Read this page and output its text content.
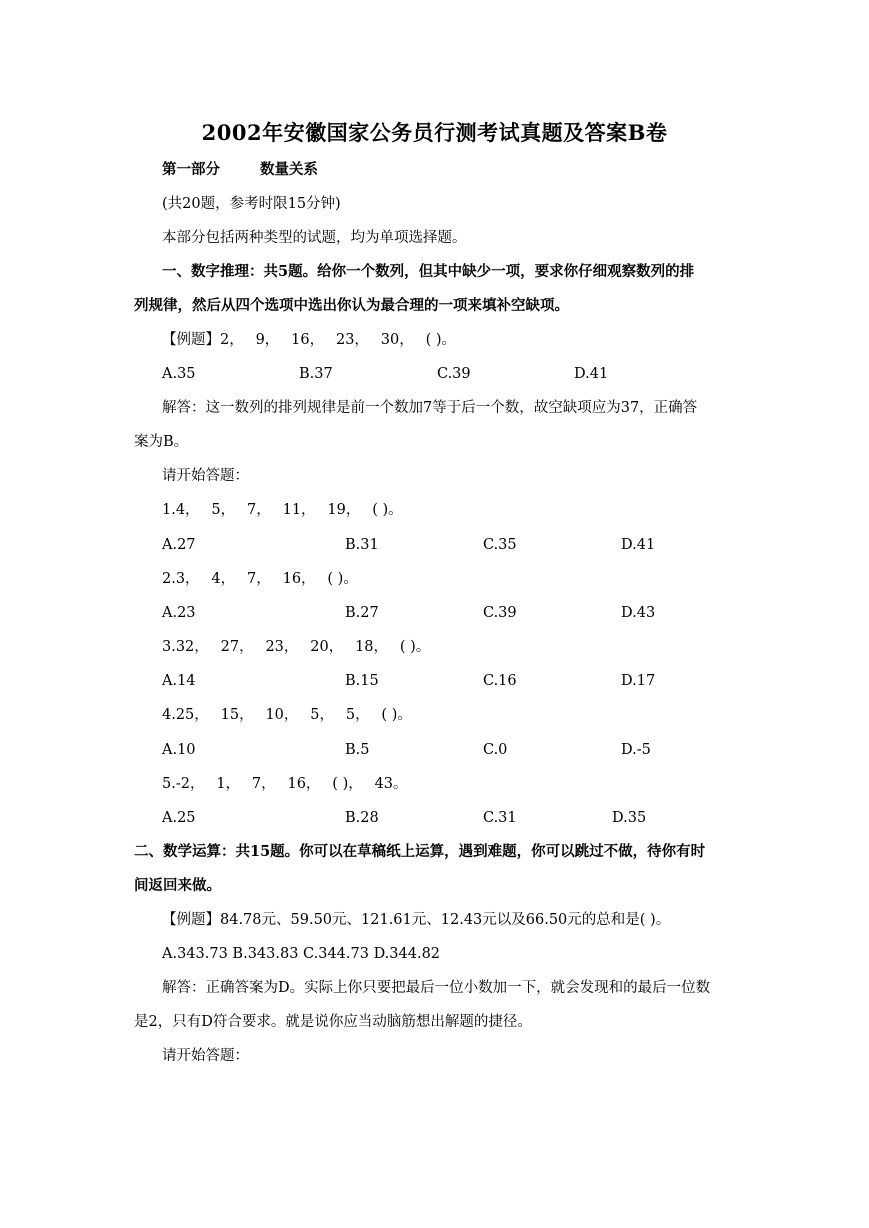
2002年安徽国家公务员行测考试真题及答案B卷
第一部分	数量关系
(共20题，参考时限15分钟)
本部分包括两种类型的试题，均为单项选择题。
一、数字推理：共5题。给你一个数列，但其中缺少一项，要求你仔细观察数列的排
列规律，然后从四个选项中选出你认为最合理的一项来填补空缺项。
【例题】2，　 9，　 16，　 23，　 30，　 ( )。
A.35	B.37	C.39	D.41
解答：这一数列的排列规律是前一个数加7等于后一个数，故空缺项应为37，正确答
案为B。
请开始答题：
1.4，　 5，　 7，　 11，　 19，　 ( )。
A.27	B.31	C.35	D.41
2.3，　 4，　 7，　 16，　 ( )。
A.23	B.27	C.39	D.43
3.32，　 27，　 23，　 20，　 18，　 ( )。
A.14	B.15	C.16	D.17
4.25，　 15，　 10，　 5，　 5，　 ( )。
A.10	B.5	C.0	D.-5
5.-2，　 1，　 7，　 16，　 ( )，　 43。
A.25	B.28	C.31	D.35
二、数学运算：共15题。你可以在草稿纸上运算，遇到难题，你可以跳过不做，待你有时
间返回来做。
【例题】84.78元、59.50元、121.61元、12.43元以及66.50元的总和是( )。
A.343.73 B.343.83 C.344.73 D.344.82
解答：正确答案为D。实际上你只要把最后一位小数加一下，就会发现和的最后一位数
是2，只有D符合要求。就是说你应当动脑筋想出解题的捷径。
请开始答题：
